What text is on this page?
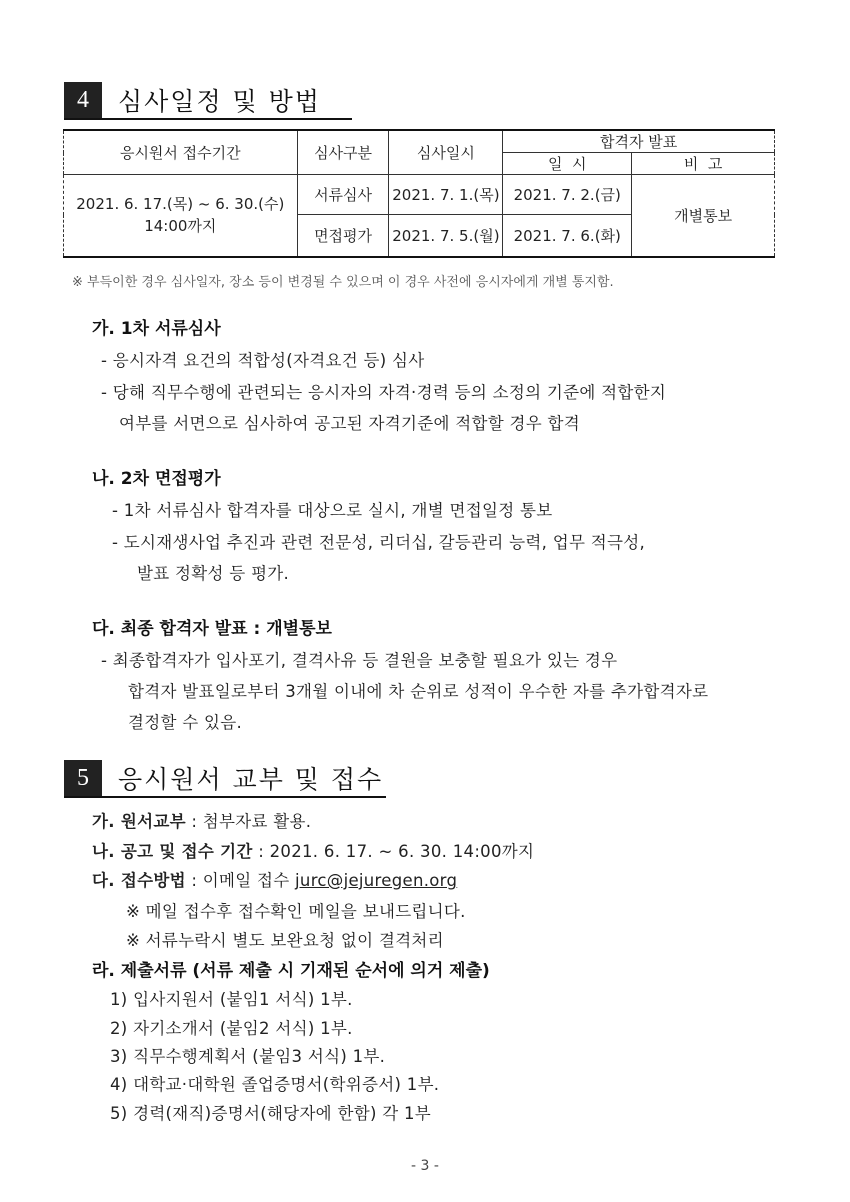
4	심사일정 및 방법
응시원서 접수기간	심사구분	심사일시	합격자 발표	
			일  시	비  고

2021. 6. 17.(목) ~ 6. 30.(수)
14:00까지	서류심사	2021. 7. 1.(목)	2021. 7. 2.(금)	개별통보
	면접평가	2021. 7. 5.(월)	2021. 7. 6.(화)	
※ 부득이한 경우 심사일자, 장소 등이 변경될 수 있으며 이 경우 사전에 응시자에게 개별 통지함.
가. 1차 서류심사
- 응시자격 요건의 적합성(자격요건 등) 심사
- 당해 직무수행에 관련되는 응시자의 자격·경력 등의 소정의 기준에 적합한지
여부를 서면으로 심사하여 공고된 자격기준에 적합할 경우 합격
나. 2차 면접평가
- 1차 서류심사 합격자를 대상으로 실시, 개별 면접일정 통보
- 도시재생사업 추진과 관련 전문성, 리더십, 갈등관리 능력, 업무 적극성,
발표 정확성 등 평가.
다. 최종 합격자 발표 : 개별통보
- 최종합격자가 입사포기, 결격사유 등 결원을 보충할 필요가 있는 경우
합격자 발표일로부터 3개월 이내에 차 순위로 성적이 우수한 자를 추가합격자로
결정할 수 있음.
5	응시원서 교부 및 접수
가. 원서교부 : 첨부자료 활용.
나. 공고 및 접수 기간 : 2021. 6. 17. ~ 6. 30. 14:00까지
다. 접수방법 : 이메일 접수 jurc@jejuregen.org
※ 메일 접수후 접수확인 메일을 보내드립니다.
※ 서류누락시 별도 보완요청 없이 결격처리
라. 제출서류 (서류 제출 시 기재된 순서에 의거 제출)
1) 입사지원서 (붙임1 서식) 1부.
2) 자기소개서 (붙임2 서식) 1부.
3) 직무수행계획서 (붙임3 서식) 1부.
4) 대학교·대학원 졸업증명서(학위증서) 1부.
5) 경력(재직)증명서(해당자에 한함) 각 1부
- 3 -
